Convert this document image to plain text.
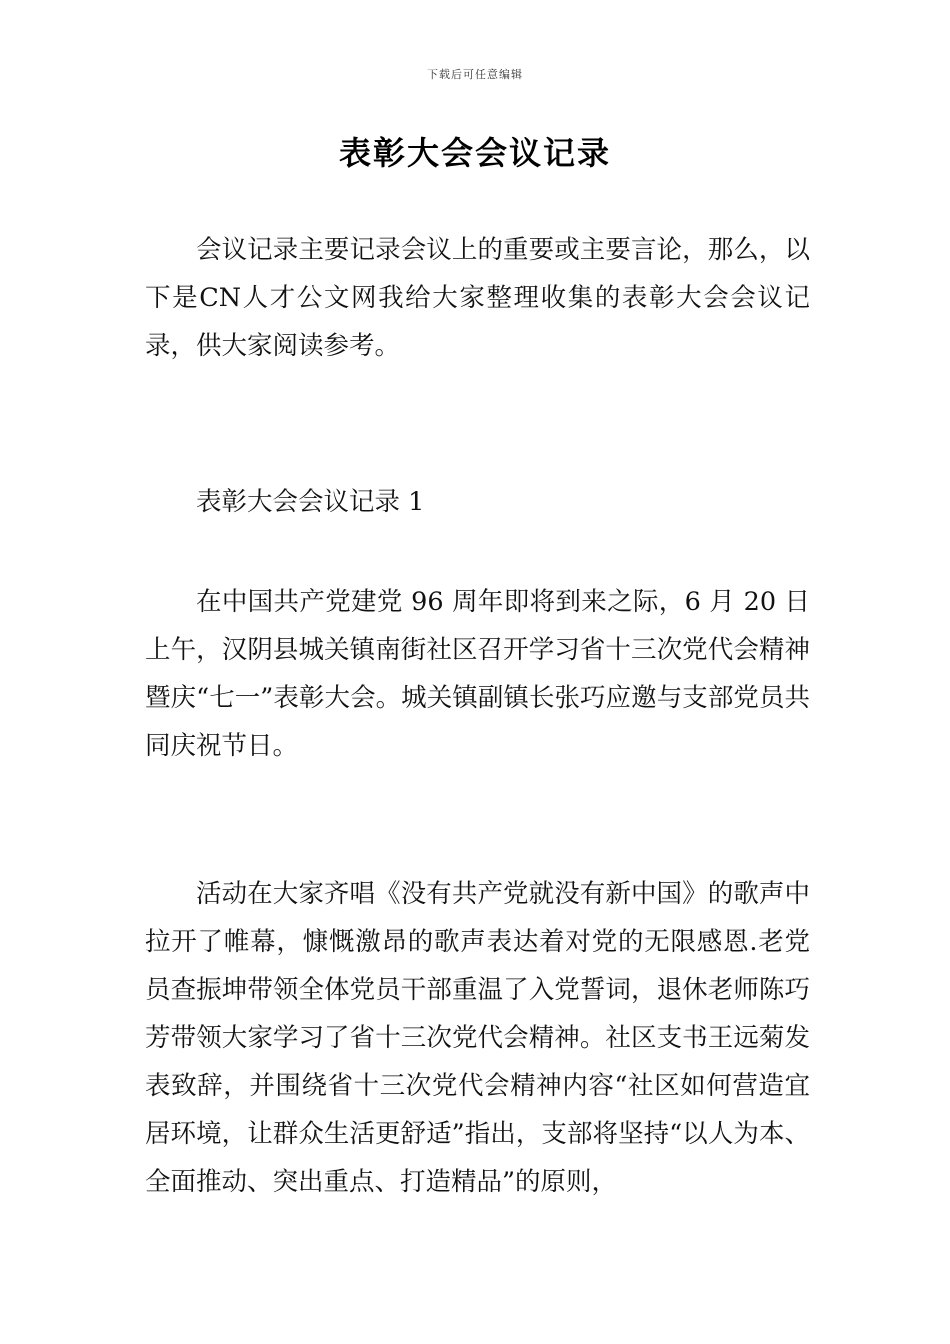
下载后可任意编辑
表彰大会会议记录
会议记录主要记录会议上的重要或主要言论，那么，以下是CN人才公文网我给大家整理收集的表彰大会会议记录，供大家阅读参考。
表彰大会会议记录 1
在中国共产党建党 96 周年即将到来之际，6 月 20 日上午，汉阴县城关镇南街社区召开学习省十三次党代会精神暨庆“七一”表彰大会。城关镇副镇长张巧应邀与支部党员共同庆祝节日。
活动在大家齐唱《没有共产党就没有新中国》的歌声中拉开了帷幕，慷慨激昂的歌声表达着对党的无限感恩.老党员查振坤带领全体党员干部重温了入党誓词，退休老师陈巧芳带领大家学习了省十三次党代会精神。社区支书王远菊发表致辞，并围绕省十三次党代会精神内容“社区如何营造宜居环境，让群众生活更舒适”指出，支部将坚持“以人为本、全面推动、突出重点、打造精品”的原则，
